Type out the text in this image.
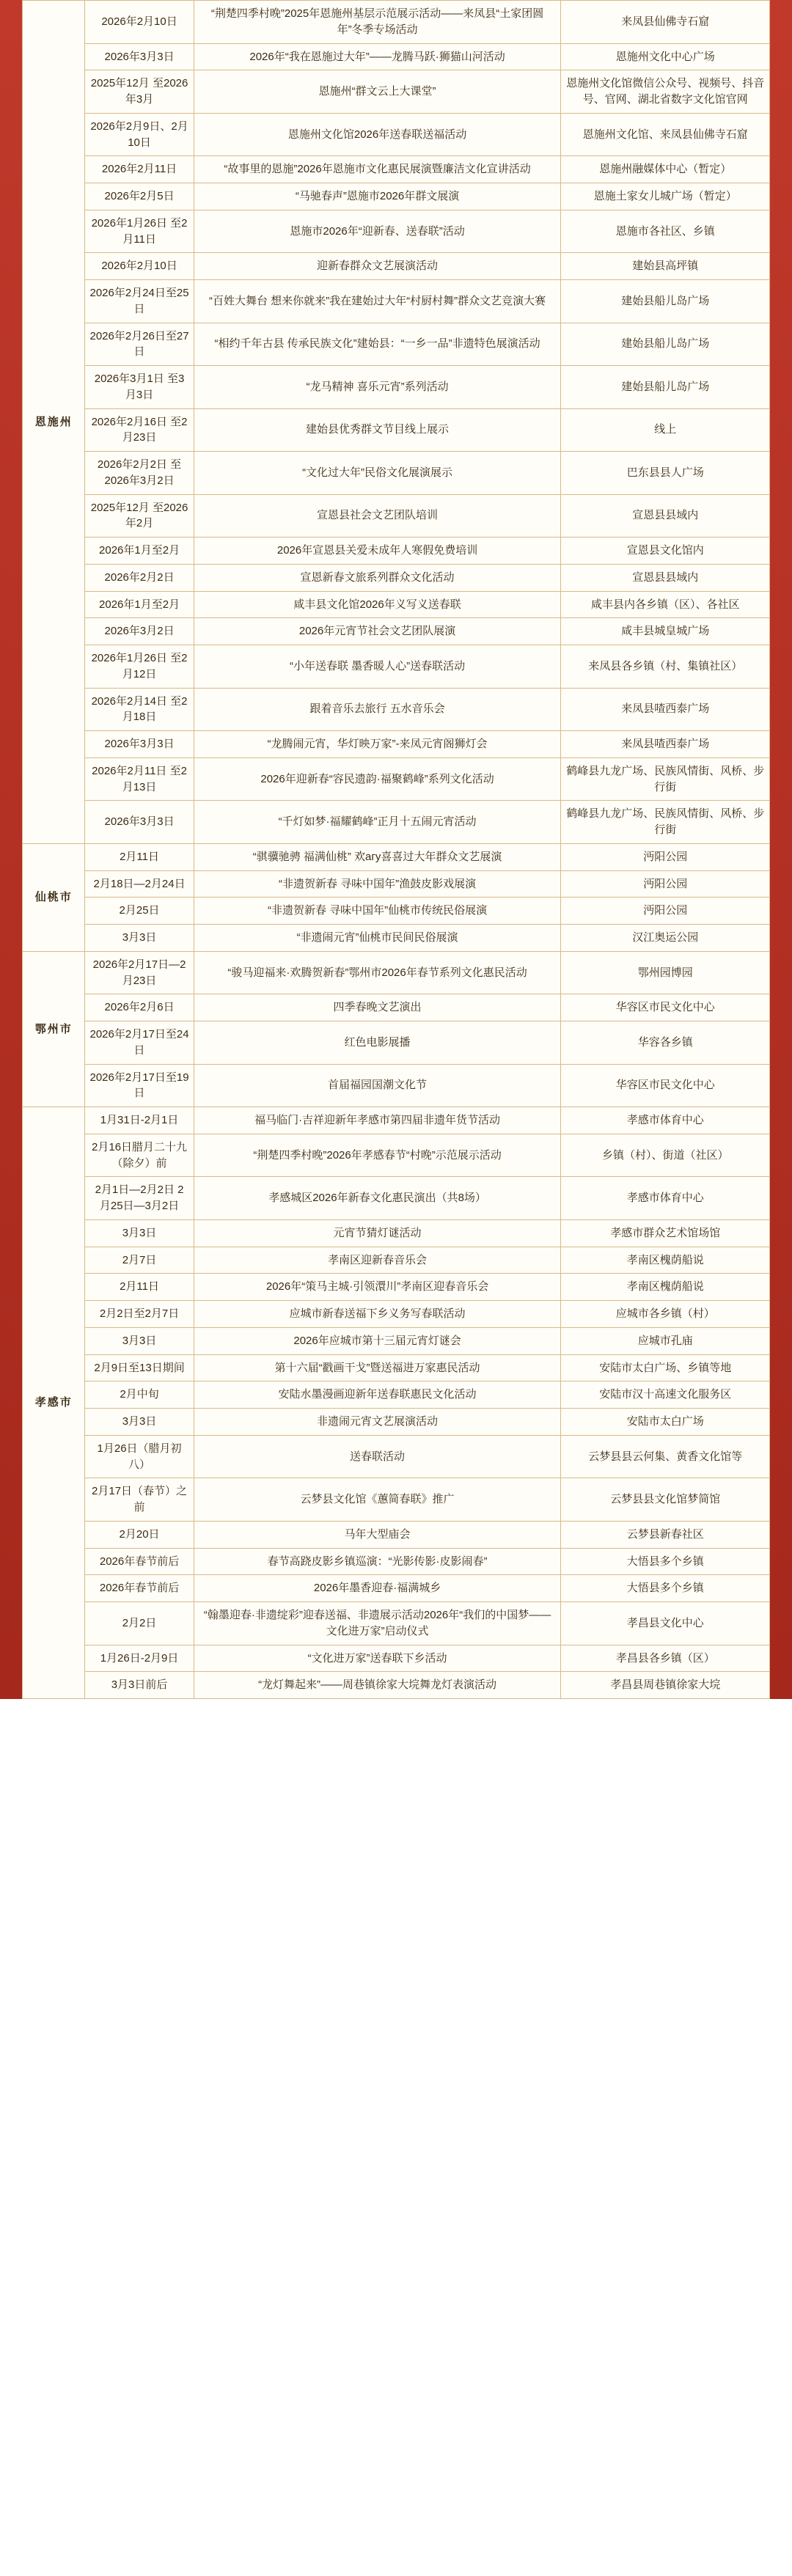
恩施州	2026年2月10日	“荆楚四季村晚”2025年恩施州基层示范展示活动——来凤县“土家团圆年”冬季专场活动	来凤县仙佛寺石窟
	2026年3月3日	2026年“我在恩施过大年”——龙腾马跃·狮猫山河活动	恩施州文化中心广场
	2025年12月 至2026年3月	恩施州“群文云上大课堂”	恩施州文化馆微信公众号、视频号、抖音号、官网、湖北省数字文化馆官网
	2026年2月9日、2月10日	恩施州文化馆2026年送春联送福活动	恩施州文化馆、来凤县仙佛寺石窟
	2026年2月11日	“故事里的恩施”2026年恩施市文化惠民展演暨廉洁文化宣讲活动	恩施州融媒体中心（暂定）
	2026年2月5日	“马驰春声”恩施市2026年群文展演	恩施土家女儿城广场（暂定）
	2026年1月26日 至2月11日	恩施市2026年“迎新春、送春联”活动	恩施市各社区、乡镇
	2026年2月10日	迎新春群众文艺展演活动	建始县高坪镇
	2026年2月24日至25日	“百姓大舞台 想来你就来”我在建始过大年“村厨村舞”群众文艺竞演大赛	建始县船儿岛广场
	2026年2月26日至27日	“相约千年古县 传承民族文化”建始县：“一乡一品”非遗特色展演活动	建始县船儿岛广场
	2026年3月1日 至3月3日	“龙马精神 喜乐元宵”系列活动	建始县船儿岛广场
	2026年2月16日 至2月23日	建始县优秀群文节目线上展示	线上
	2026年2月2日 至2026年3月2日	“文化过大年”民俗文化展演展示	巴东县县人广场
	2025年12月 至2026年2月	宣恩县社会文艺团队培训	宣恩县县域内
	2026年1月至2月	2026年宣恩县关爱未成年人寒假免费培训	宣恩县文化馆内
	2026年2月2日	宣恩新春文旅系列群众文化活动	宣恩县县域内
	2026年1月至2月	咸丰县文化馆2026年义写义送春联	咸丰县内各乡镇（区）、各社区
	2026年3月2日	2026年元宵节社会文艺团队展演	咸丰县城皇城广场
	2026年1月26日 至2月12日	“小年送春联 墨香暖人心”送春联活动	来凤县各乡镇（村、集镇社区）
	2026年2月14日 至2月18日	跟着音乐去旅行 五水音乐会	来凤县喳西泰广场
	2026年3月3日	“龙腾闹元宵，华灯映万家”-来凤元宵阁狮灯会	来凤县喳西泰广场
	2026年2月11日 至2月13日	2026年迎新春“容民遗韵·福聚鹤峰”系列文化活动	鹤峰县九龙广场、民族风情街、风桥、步行街
	2026年3月3日	“千灯如梦·福耀鹤峰”正月十五闹元宵活动	鹤峰县九龙广场、民族风情街、风桥、步行街
仙桃市	2月11日	“骐骥驰骋 福满仙桃” 欢агу喜喜过大年群众文艺展演	沔阳公园
	2月18日—2月24日	“非遗贺新春 寻味中国年”渔鼓皮影戏展演	沔阳公园
	2月25日	“非遗贺新春 寻味中国年”仙桃市传统民俗展演	沔阳公园
	3月3日	“非遗闹元宵”仙桃市民间民俗展演	汉江奥运公园
鄂州市	2026年2月17日—2月23日	“骏马迎福来·欢腾贺新春”鄂州市2026年春节系列文化惠民活动	鄂州园博园
	2026年2月6日	四季春晚文艺演出	华容区市民文化中心
	2026年2月17日至24日	红色电影展播	华容各乡镇
	2026年2月17日至19日	首届福园国潮文化节	华容区市民文化中心
孝感市	1月31日-2月1日	福马临门·吉祥迎新年孝感市第四届非遗年货节活动	孝感市体育中心
	2月16日腊月二十九（除夕）前	“荆楚四季村晚”2026年孝感春节“村晚”示范展示活动	乡镇（村）、街道（社区）
	2月1日—2月2日 2月25日—3月2日	孝感城区2026年新春文化惠民演出（共8场）	孝感市体育中心
	3月3日	元宵节猜灯谜活动	孝感市群众艺术馆场馆
	2月7日	孝南区迎新春音乐会	孝南区槐荫船说
	2月11日	2026年“策马主城·引领澴川”孝南区迎春音乐会	孝南区槐荫船说
	2月2日至2月7日	应城市新春送福下乡义务写春联活动	应城市各乡镇（村）
	3月3日	2026年应城市第十三届元宵灯谜会	应城市孔庙
	2月9日至13日期间	第十六届“戳画干戈”暨送福进万家惠民活动	安陆市太白广场、乡镇等地
	2月中旬	安陆水墨漫画迎新年送春联惠民文化活动	安陆市汉十高速文化服务区
	3月3日	非遗闹元宵文艺展演活动	安陆市太白广场
	1月26日（腊月初八）	送春联活动	云梦县县云何集、黄香文化馆等
	2月17日（春节）之前	云梦县文化馆《蕙简春联》推广	云梦县县文化馆梦简馆
	2月20日	马年大型庙会	云梦县新春社区
	2026年春节前后	春节高跷皮影乡镇巡演：“光影传影·皮影闹春”	大悟县多个乡镇
	2026年春节前后	2026年墨香迎春·福满城乡	大悟县多个乡镇
	2月2日	“翰墨迎春·非遗绽彩”迎春送福、非遗展示活动2026年“我们的中国梦——文化进万家”启动仪式	孝昌县文化中心
	1月26日-2月9日	“文化进万家”送春联下乡活动	孝昌县各乡镇（区）
	3月3日前后	“龙灯舞起来”——周巷镇徐家大垸舞龙灯表演活动	孝昌县周巷镇徐家大垸
